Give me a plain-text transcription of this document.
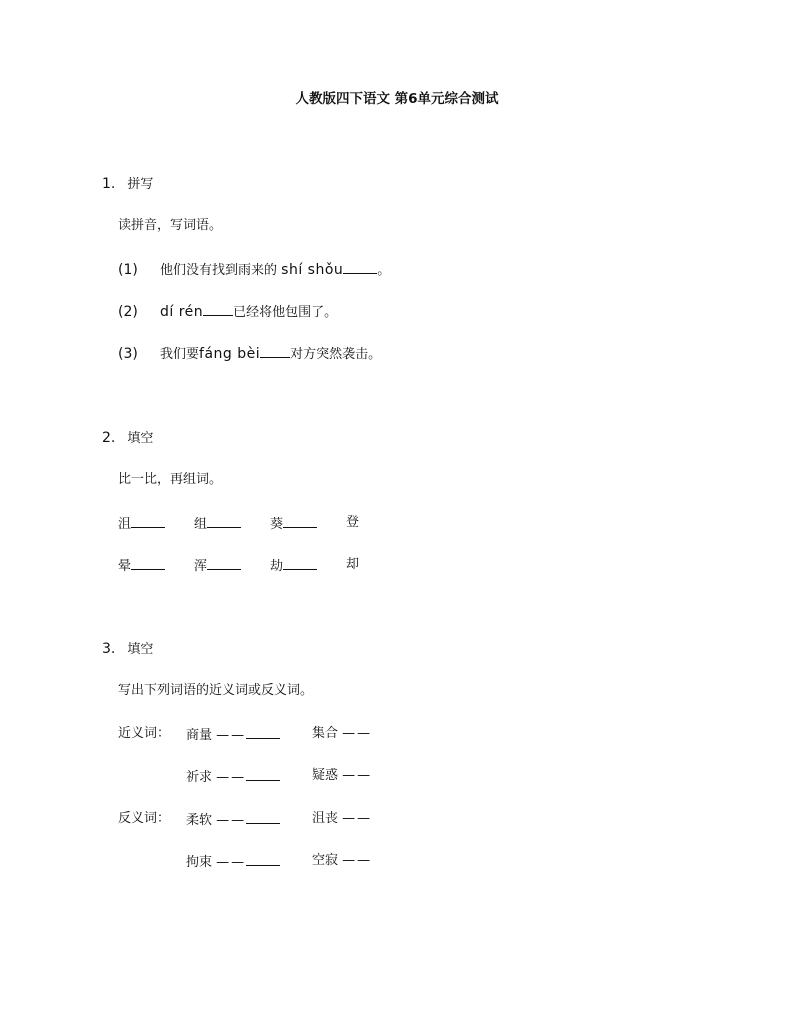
人教版四下语文 第6单元综合测试
1. 拼写
读拼音，写词语。
(1) 他们没有找到雨来的 shí shǒu	。
(2) dí rén 已经将他包围了。
(3) 我们要fáng bèi 对方突然袭击。
2. 填空
比一比，再组词。
沮	组	葵	登
晕	浑	劫	却
3. 填空
写出下列词语的近义词或反义词。
近义词： 商量 ——	集合 ——
祈求 ——	疑惑 ——
反义词： 柔软 ——	沮丧 ——
拘束 ——	空寂 ——
